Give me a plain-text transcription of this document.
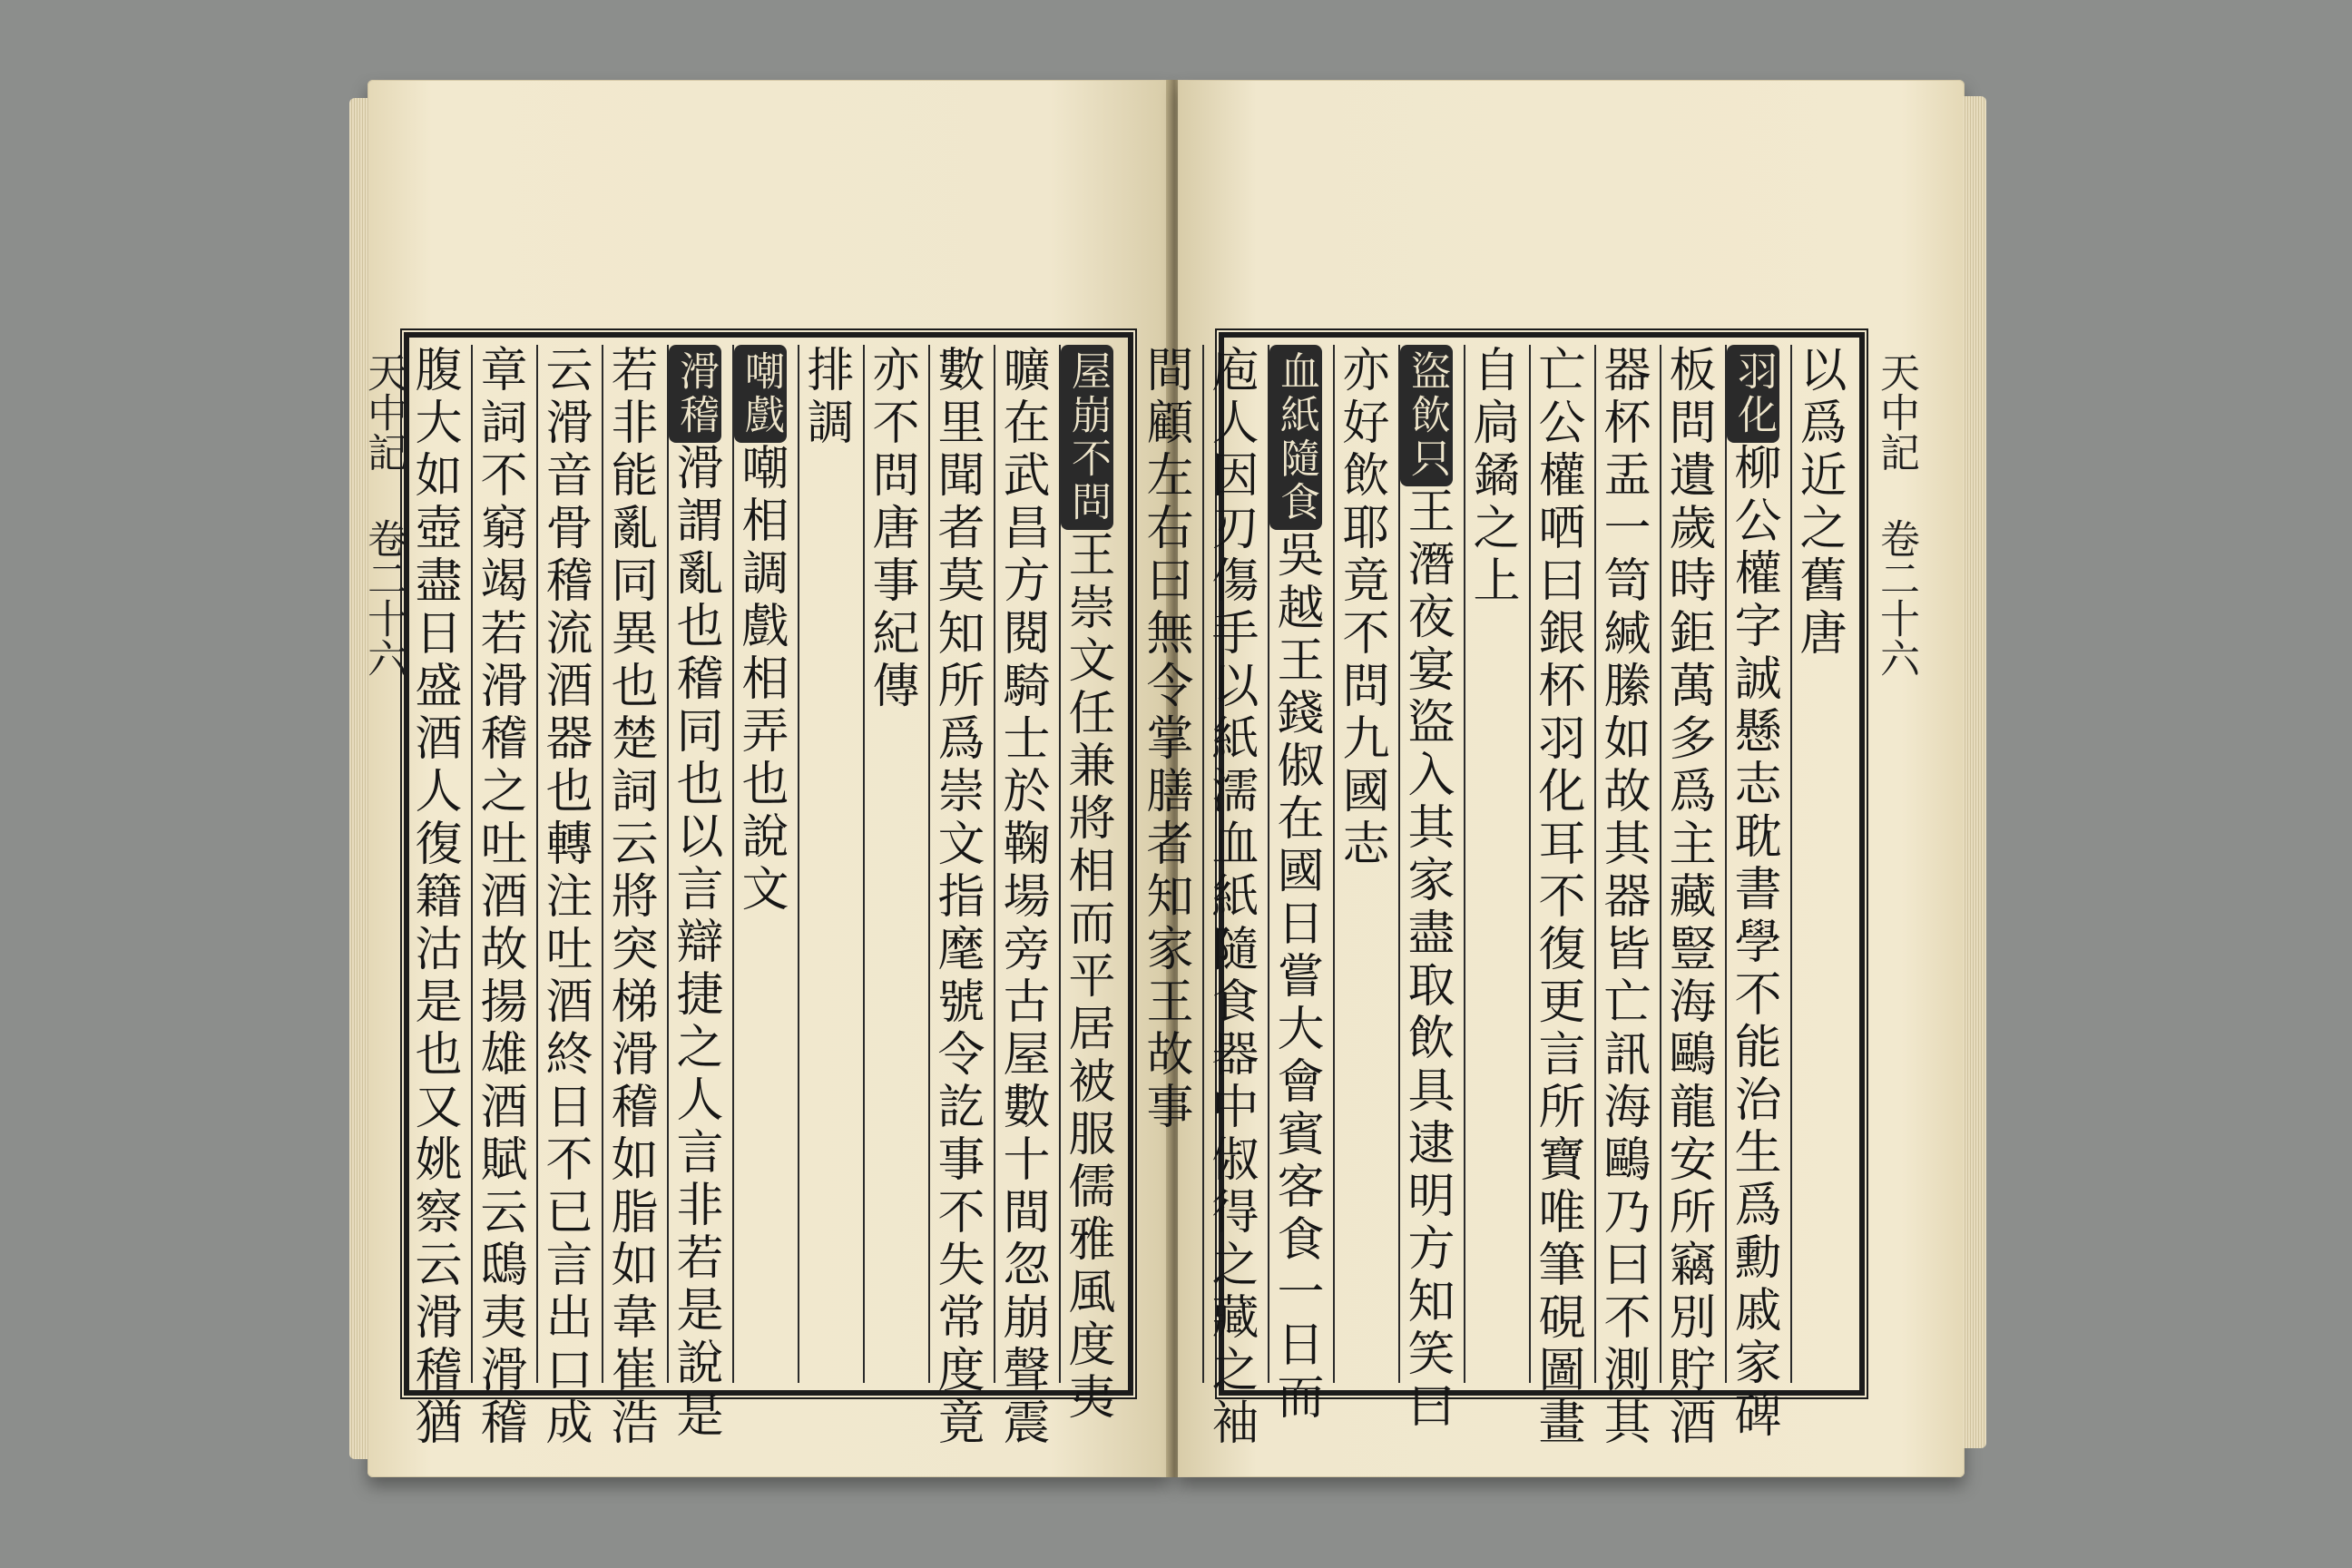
屋崩不問王崇文任兼將相而平居被服儒雅風度夷
曠在武昌方閱騎士於鞠場旁古屋數十間忽崩聲震
數里聞者莫知所爲崇文指麾號令訖事不失常度竟
亦不問唐事紀傳
排調
嘲戲嘲相調戲相弄也說文
滑稽滑謂亂也稽同也以言辯捷之人言非若是說是
若非能亂同異也楚詞云將突梯滑稽如脂如韋崔浩
云滑音骨稽流酒器也轉注吐酒終日不已言出口成
章詞不窮竭若滑稽之吐酒故揚雄酒賦云鴟夷滑稽
腹大如壺盡日盛酒人復籍沽是也又姚察云滑稽猶
天中記 卷二十六	以爲近之舊唐
羽化柳公權字誠懸志耽書學不能治生爲勳戚家碑
板問遺歲時鉅萬多爲主藏豎海鷗龍安所竊別貯酒
器杯盂一笥緘縢如故其器皆亡訊海鷗乃曰不測其
亡公權哂曰銀杯羽化耳不復更言所寶唯筆硯圖畫
自扃鐍之上
盜飲只王潛夜宴盜入其家盡取飲具逮明方知笑曰
亦好飲耶竟不問九國志
血紙隨食吳越王錢俶在國日嘗大會賓客食一日而
庖人因刃傷手以紙濡血紙隨食器中俶得之藏之袖
間顧左右曰無令掌膳者知家王故事	天中記 卷二十六
